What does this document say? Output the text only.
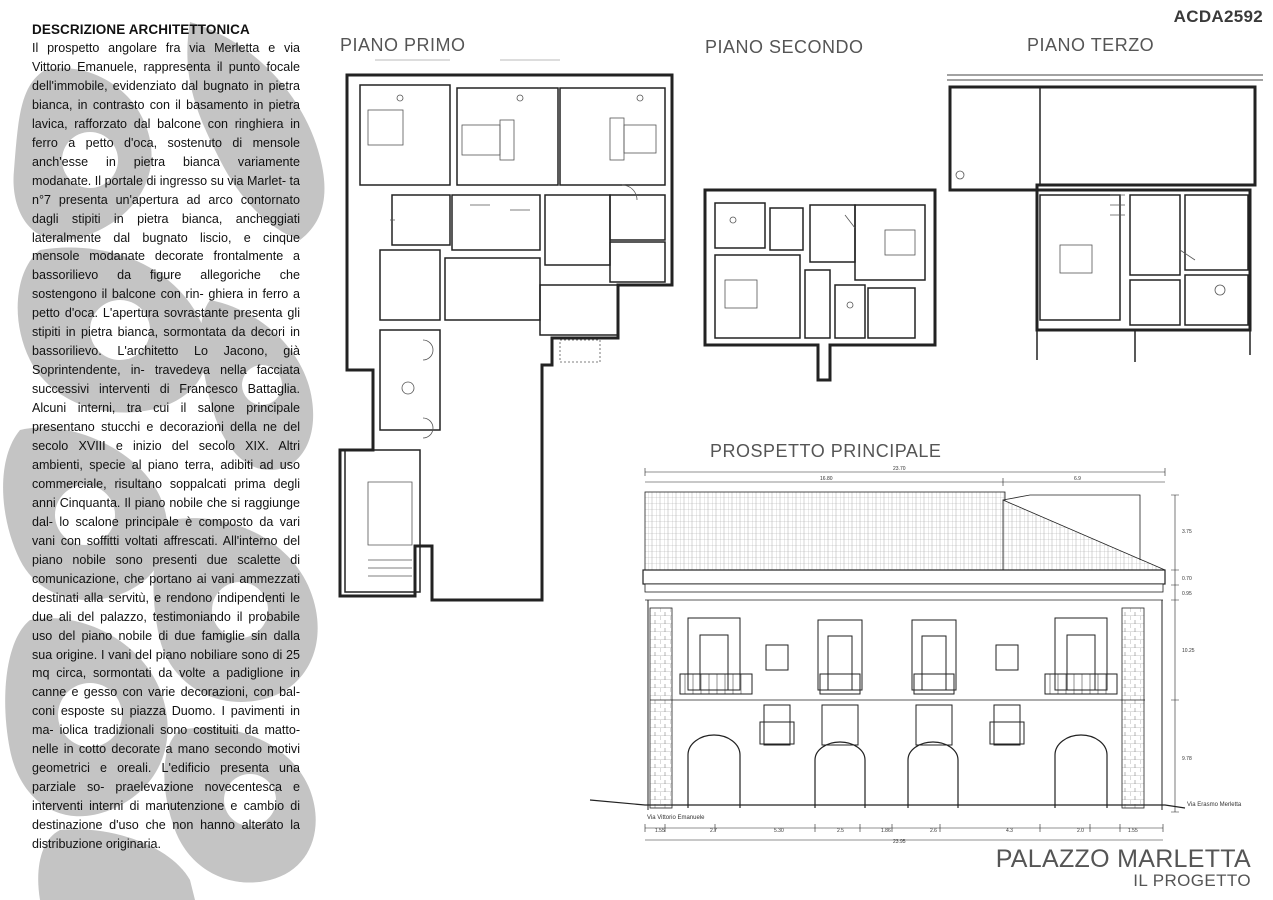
DESCRIZIONE ARCHITETTONICA

Il prospetto angolare fra via Merletta e via Vittorio Emanuele, rappresenta il punto focale dell'immobile, evidenziato dal bugnato in pietra bianca, in contrasto con il basamento in pietra lavica, rafforzato dal balcone con ringhiera in ferro a petto d'oca, sostenuto di mensole anch'esse in pietra bianca variamente modanate. Il portale di ingresso su via Marlet- ta n°7 presenta un'apertura ad arco contornato dagli stipiti in pietra bianca, ancheggiati lateralmente dal bugnato liscio, e cinque mensole modanate decorate frontalmente a bassorilievo da figure allegoriche che sostengono il balcone con rin- ghiera in ferro a petto d'oca. L'apertura sovrastante presenta gli stipiti in pietra bianca, sormontata da decori in bassorilievo. L'architetto Lo Jacono, già Soprintendente, in- travedeva nella facciata successivi interventi di Francesco Battaglia. Alcuni interni, tra cui il salone principale presentano stucchi e decorazioni della ne del secolo XVIII e inizio del secolo XIX. Altri ambienti, specie al piano terra, adibiti ad uso commerciale, risultano soppalcati prima degli anni Cinquanta. Il piano nobile che si raggiunge dal- lo scalone principale è composto da vari vani con soffitti voltati affrescati. All'interno del piano nobile sono presenti due scalette di comunicazione, che portano ai vani ammezzati destinati alla servitù, e rendono indipendenti le due ali del palazzo, testimoniando il probabile uso del piano nobile di due famiglie sin dalla sua origine. I vani del piano nobiliare sono di 25 mq circa, sormontati da volte a padiglione in canne e gesso con varie decorazioni, con bal- coni esposte su piazza Duomo. I pavimenti in ma- iolica tradizionali sono costituiti da matto- nelle in cotto decorate a mano secondo motivi geometrici e oreali. L'edificio presenta una parziale so- praelevazione novecentesca e interventi interni di manutenzione e cambio di destinazione d'uso che non hanno alterato la distribuzione originaria.

ACDA2592
PIANO PRIMO	PIANO SECONDO	PIANO TERZO
PROSPETTO PRINCIPALE
23.70
16.80	6.9
1.55	2.7	5.30	2.5	1.86	2.6	4.3	2.0	1.55
23.95
3.75
0.70
0.95
10.25
9.78
Via Vittorio Emanuele
Via Erasmo Merletta
PALAZZO MARLETTA
IL PROGETTO
